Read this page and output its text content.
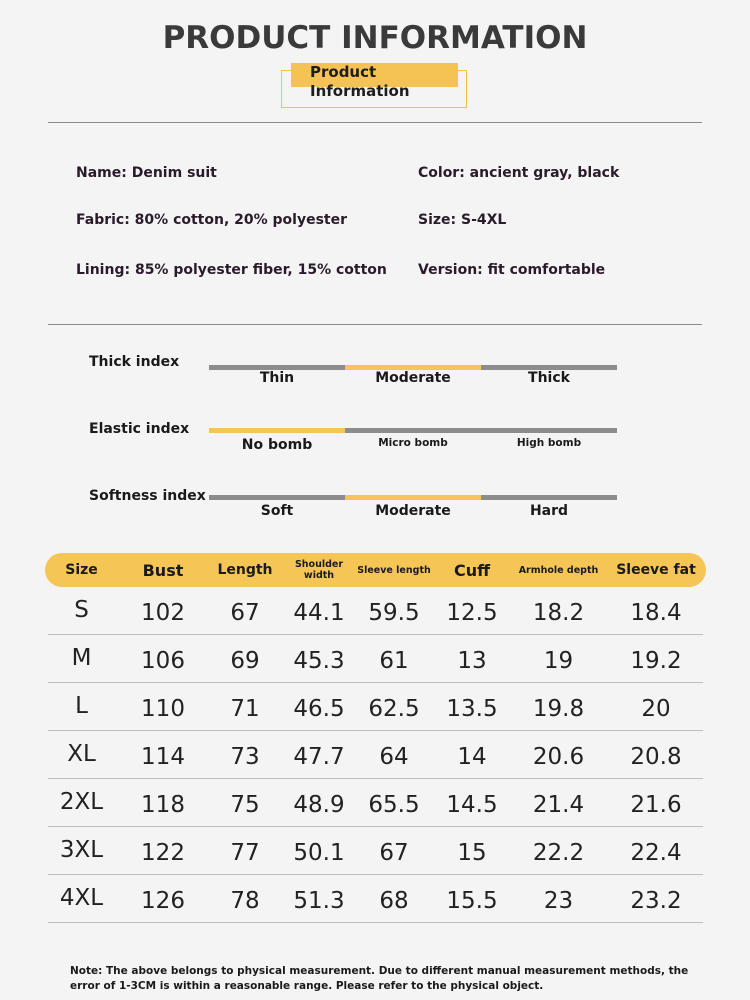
PRODUCT INFORMATION
Product
Information
Name: Denim suit	Color: ancient gray, black
Fabric: 80% cotton, 20% polyester	Size: S-4XL
Lining: 85% polyester fiber, 15% cotton Version: fit comfortable
Thick index
Thin	Moderate	Thick
Elastic index
No bomb	Micro bomb	High bomb
Softness index
Soft	Moderate	Hard
Size	Bust	Length	Shoulder width	Sleeve length	Cuff	Armhole depth	Sleeve fat
S	102	67	44.1	59.5	12.5	18.2	18.4
M	106	69	45.3	61	13	19	19.2
L	110	71	46.5	62.5	13.5	19.8	20
XL	114	73	47.7	64	14	20.6	20.8
2XL	118	75	48.9	65.5	14.5	21.4	21.6
3XL	122	77	50.1	67	15	22.2	22.4
4XL	126	78	51.3	68	15.5	23	23.2
Note: The above belongs to physical measurement. Due to different manual measurement methods, the error of 1-3CM is within a reasonable range. Please refer to the physical object.
